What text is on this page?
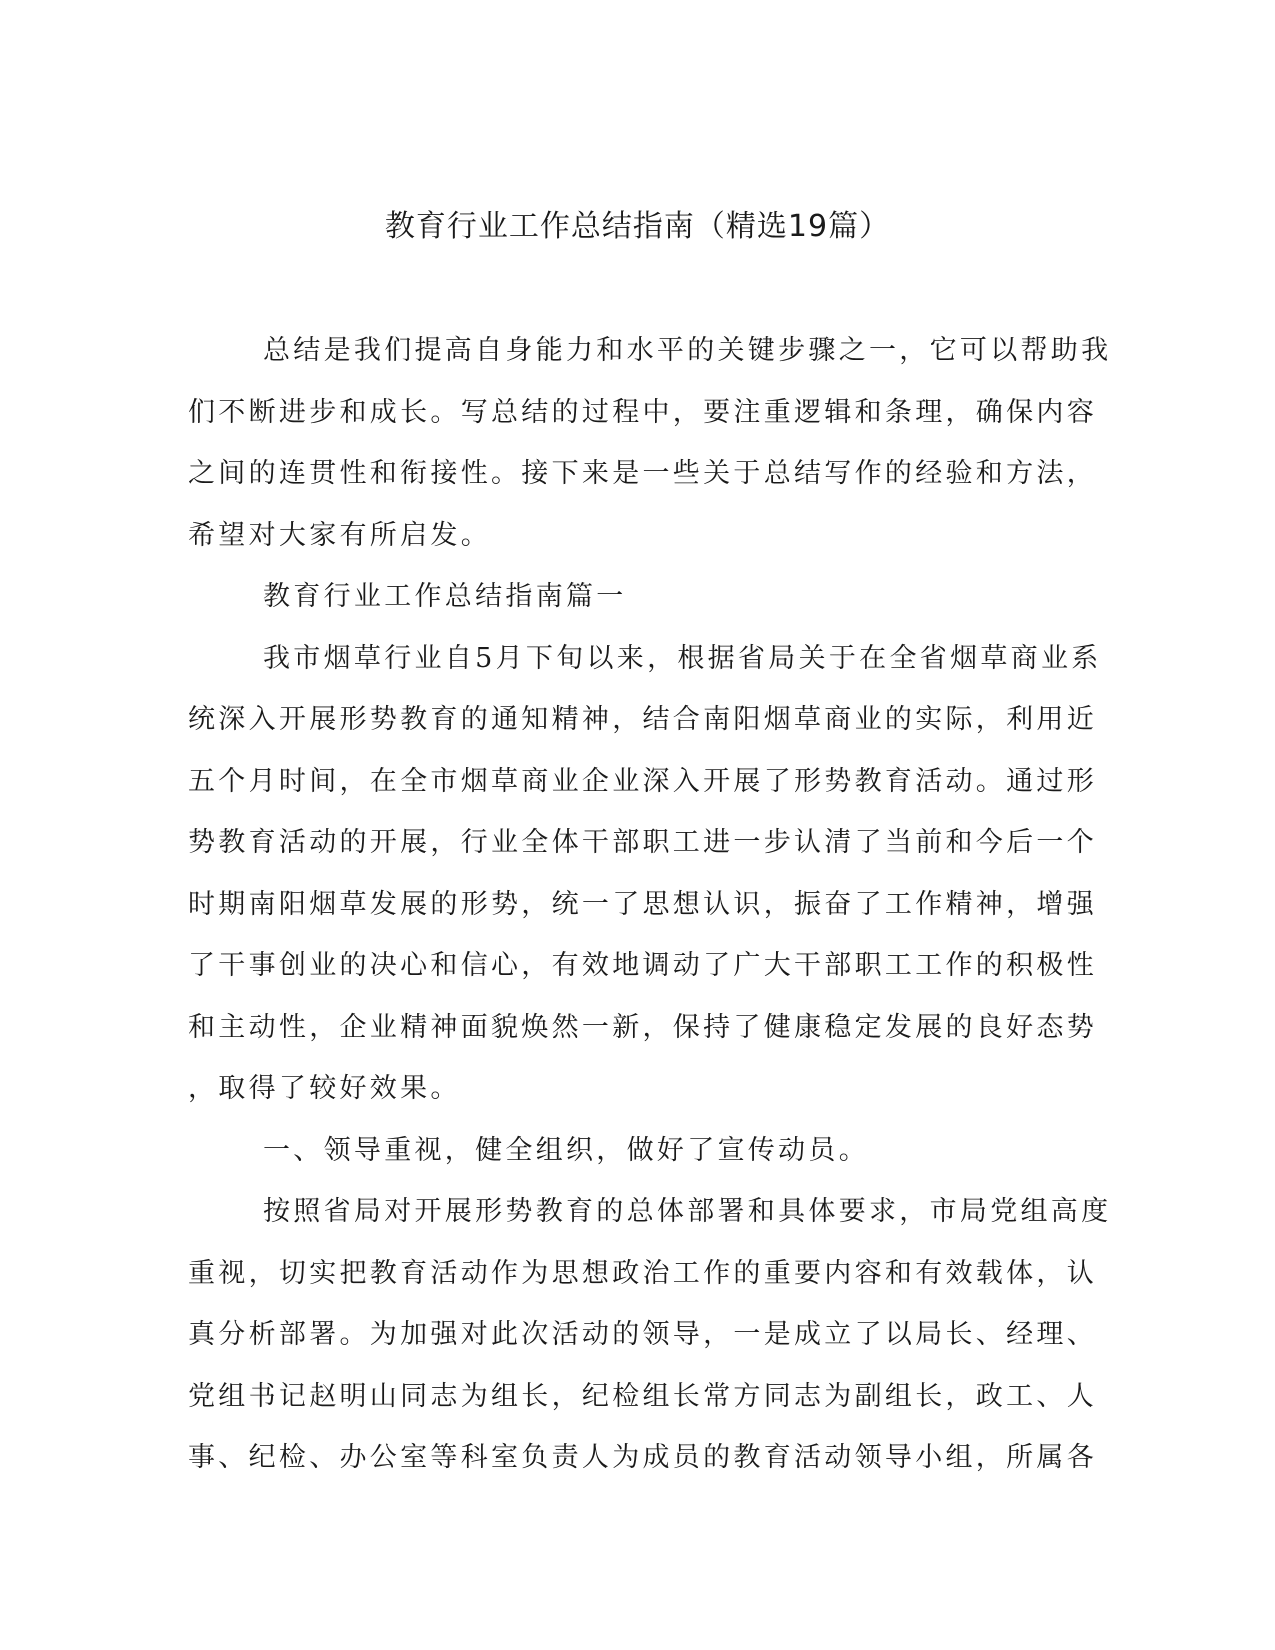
教育行业工作总结指南（精选19篇）
总结是我们提高自身能力和水平的关键步骤之一，它可以帮助我
们不断进步和成长。写总结的过程中，要注重逻辑和条理，确保内容
之间的连贯性和衔接性。接下来是一些关于总结写作的经验和方法，
希望对大家有所启发。
教育行业工作总结指南篇一
我市烟草行业自5月下旬以来，根据省局关于在全省烟草商业系
统深入开展形势教育的通知精神，结合南阳烟草商业的实际，利用近
五个月时间，在全市烟草商业企业深入开展了形势教育活动。通过形
势教育活动的开展，行业全体干部职工进一步认清了当前和今后一个
时期南阳烟草发展的形势，统一了思想认识，振奋了工作精神，增强
了干事创业的决心和信心，有效地调动了广大干部职工工作的积极性
和主动性，企业精神面貌焕然一新，保持了健康稳定发展的良好态势
，取得了较好效果。
一、领导重视，健全组织，做好了宣传动员。
按照省局对开展形势教育的总体部署和具体要求，市局党组高度
重视，切实把教育活动作为思想政治工作的重要内容和有效载体，认
真分析部署。为加强对此次活动的领导，一是成立了以局长、经理、
党组书记赵明山同志为组长，纪检组长常方同志为副组长，政工、人
事、纪检、办公室等科室负责人为成员的教育活动领导小组，所属各
